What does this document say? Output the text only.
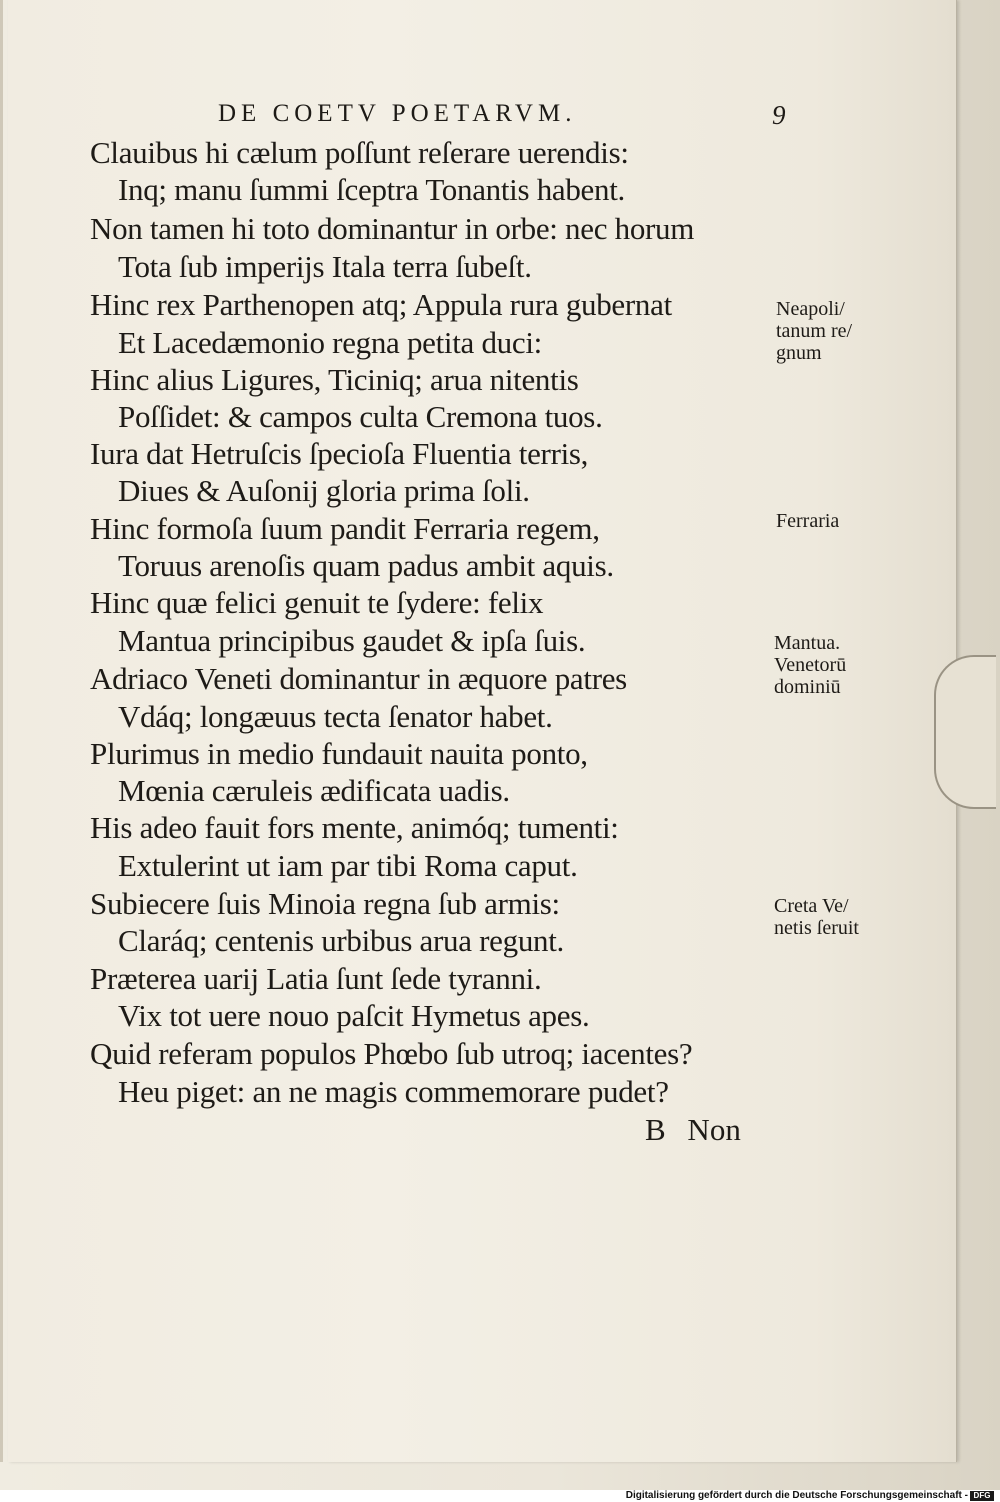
DE COETV POETARVM.	9
Clauibus hi cælum poſſunt reſerare uerendis:
Inq; manu ſummi ſceptra Tonantis habent.
Non tamen hi toto dominantur in orbe: nec horum
Tota ſub imperijs Itala terra ſubeſt.
Hinc rex Parthenopen atq; Appula rura gubernat
Et Lacedæmonio regna petita duci:
Hinc alius Ligures, Ticiniq; arua nitentis
Poſſidet: & campos culta Cremona tuos.
Iura dat Hetruſcis ſpecioſa Fluentia terris,
Diues & Auſonij gloria prima ſoli.
Hinc formoſa ſuum pandit Ferraria regem,
Toruus arenoſis quam padus ambit aquis.
Hinc quæ felici genuit te ſydere: felix
Mantua principibus gaudet & ipſa ſuis.
Adriaco Veneti dominantur in æquore patres
Vdáq; longæuus tecta ſenator habet.
Plurimus in medio fundauit nauita ponto,
Mœnia cæruleis ædificata uadis.
His adeo fauit fors mente, animóq; tumenti:
Extulerint ut iam par tibi Roma caput.
Subiecere ſuis Minoia regna ſub armis:
Claráq; centenis urbibus arua regunt.
Præterea uarij Latia ſunt ſede tyranni.
Vix tot uere nouo paſcit Hymetus apes.
Quid referam populos Phœbo ſub utroq; iacentes?
Heu piget: an ne magis commemorare pudet?
Neapoli/
tanum re/
gnum
Ferraria
Mantua.
Venetorū
dominiū
Creta Ve/
netis ſeruit
B Non
Digitalisierung gefördert durch die Deutsche Forschungsgemeinschaft - DFG
